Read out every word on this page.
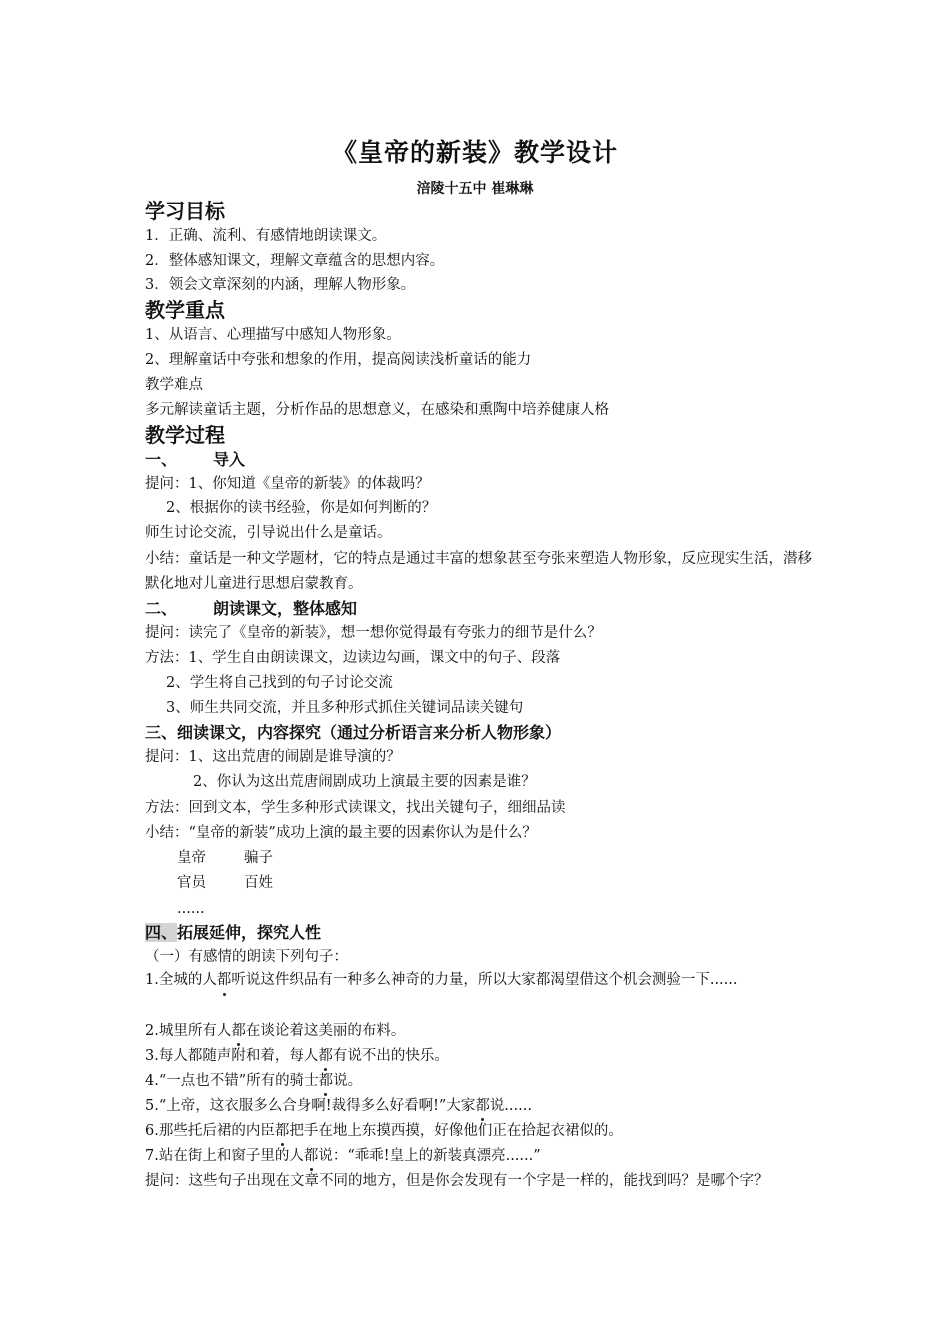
《皇帝的新装》教学设计
涪陵十五中 崔琳琳
学习目标
1．正确、流利、有感情地朗读课文。
2．整体感知课文，理解文章蕴含的思想内容。
3．领会文章深刻的内涵，理解人物形象。
教学重点
1、从语言、心理描写中感知人物形象。
2、理解童话中夸张和想象的作用，提高阅读浅析童话的能力
教学难点
多元解读童话主题，分析作品的思想意义，在感染和熏陶中培养健康人格
教学过程
一、 导入
提问：1、你知道《皇帝的新装》的体裁吗？
2、根据你的读书经验，你是如何判断的？
师生讨论交流，引导说出什么是童话。
小结：童话是一种文学题材，它的特点是通过丰富的想象甚至夸张来塑造人物形象，反应现实生活，潜移默化地对儿童进行思想启蒙教育。
二、 朗读课文，整体感知
提问：读完了《皇帝的新装》，想一想你觉得最有夸张力的细节是什么？
方法：1、学生自由朗读课文，边读边勾画，课文中的句子、段落
2、学生将自己找到的句子讨论交流
3、师生共同交流，并且多种形式抓住关键词品读关键句
三、细读课文，内容探究（通过分析语言来分析人物形象）
提问：1、这出荒唐的闹剧是谁导演的？
2、你认为这出荒唐闹剧成功上演最主要的因素是谁？
方法：回到文本，学生多种形式读课文，找出关键句子，细细品读
小结：“皇帝的新装”成功上演的最主要的因素你认为是什么？
皇帝	骗子
官员	百姓
......
四、拓展延伸，探究人性
（一）有感情的朗读下列句子：
1.全城的人都听说这件织品有一种多么神奇的力量，所以大家都渴望借这个机会测验一下......
2.城里所有人都在谈论着这美丽的布料。
3.每人都随声附和着，每人都有说不出的快乐。
4.“一点也不错”所有的骑士都说。
5.“上帝，这衣服多么合身啊!裁得多么好看啊!”大家都说......
6.那些托后裙的内臣都把手在地上东摸西摸，好像他们正在拾起衣裙似的。
7.站在街上和窗子里的人都说：“乖乖!皇上的新装真漂亮......”
提问：这些句子出现在文章不同的地方，但是你会发现有一个字是一样的，能找到吗？是哪个字？
